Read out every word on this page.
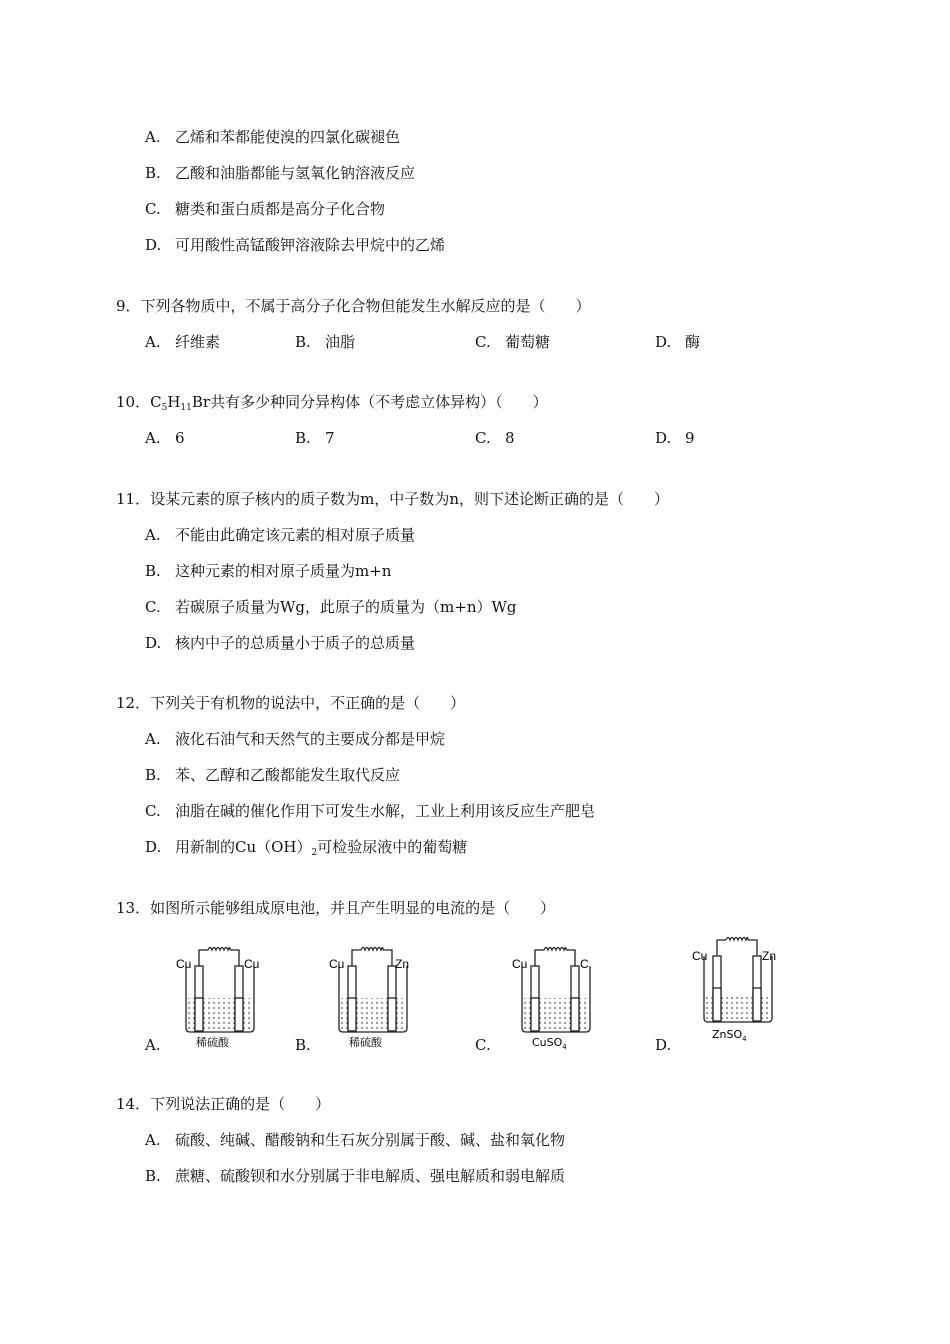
A. 乙烯和苯都能使溴的四氯化碳褪色
B. 乙酸和油脂都能与氢氧化钠溶液反应
C. 糖类和蛋白质都是高分子化合物
D. 可用酸性高锰酸钾溶液除去甲烷中的乙烯
9．下列各物质中，不属于高分子化合物但能发生水解反应的是（　　）
A. 纤维素	B. 油脂	C. 葡萄糖	D. 酶
10．$C_5H_{11}Br$共有多少种同分异构体（不考虑立体异构）（　　）
A. 6	B. 7	C. 8	D. 9
11．设某元素的原子核内的质子数为m，中子数为n，则下述论断正确的是（　　）
A. 不能由此确定该元素的相对原子质量
B. 这种元素的相对原子质量为m+n
C. 若碳原子质量为Wg，此原子的质量为（m+n）Wg
D. 核内中子的总质量小于质子的总质量
12．下列关于有机物的说法中，不正确的是（　　）
A. 液化石油气和天然气的主要成分都是甲烷
B. 苯、乙醇和乙酸都能发生取代反应
C. 油脂在碱的催化作用下可发生水解，工业上利用该反应生产肥皂
D. 用新制的$Cu(OH)_2$可检验尿液中的葡萄糖
13．如图所示能够组成原电池，并且产生明显的电流的是（　　）
A.
Cu	Cu
稀硫酸	B.
Cu	Zn
稀硫酸	C.
Cu	C
CuSO$_4$	D.
Cu	Zn
ZnSO$_4$
14．下列说法正确的是（　　）
A. 硫酸、纯碱、醋酸钠和生石灰分别属于酸、碱、盐和氧化物
B. 蔗糖、硫酸钡和水分别属于非电解质、强电解质和弱电解质
